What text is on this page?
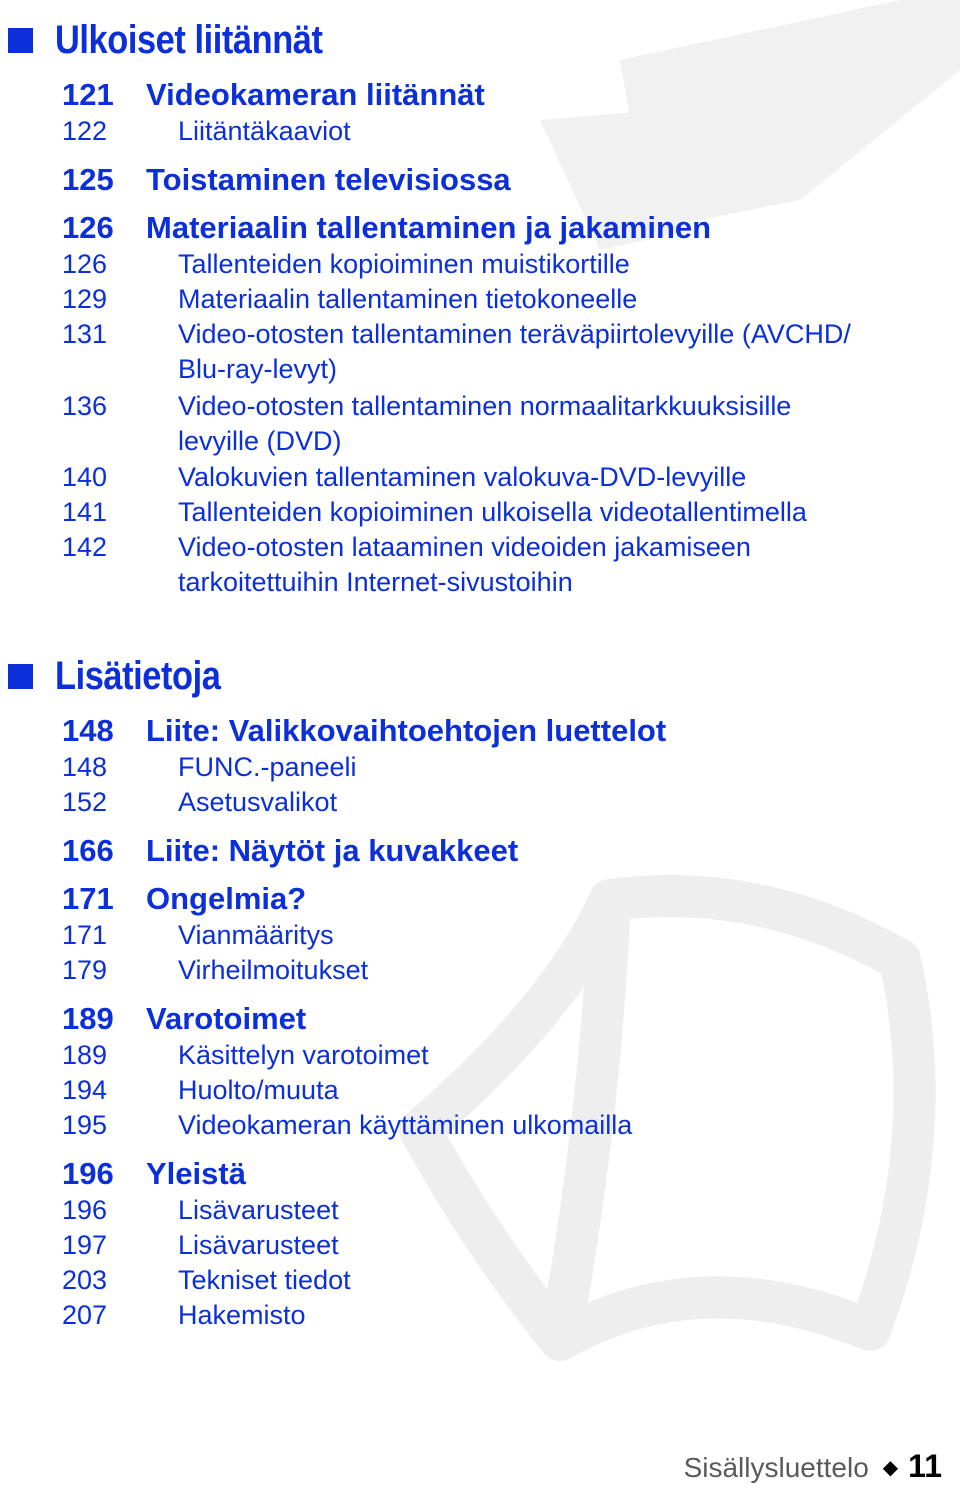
Ulkoiset liitännät
121 Videokameran liitännät
122	Liitäntäkaaviot
125 Toistaminen televisiossa
126 Materiaalin tallentaminen ja jakaminen
126	Tallenteiden kopioiminen muistikortille
129	Materiaalin tallentaminen tietokoneelle
131	Video-otosten tallentaminen teräväpiirtolevyille (AVCHD/
Blu-ray-levyt)
136	Video-otosten tallentaminen normaalitarkkuuksisille
levyille (DVD)
140	Valokuvien tallentaminen valokuva-DVD-levyille
141	Tallenteiden kopioiminen ulkoisella videotallentimella
142	Video-otosten lataaminen videoiden jakamiseen
tarkoitettuihin Internet-sivustoihin
Lisätietoja
148 Liite: Valikkovaihtoehtojen luettelot
148	FUNC.-paneeli
152	Asetusvalikot
166 Liite: Näytöt ja kuvakkeet
171 Ongelmia?
171	Vianmääritys
179	Virheilmoitukset
189 Varotoimet
189	Käsittelyn varotoimet
194	Huolto/muuta
195	Videokameran käyttäminen ulkomailla
196 Yleistä
196	Lisävarusteet
197	Lisävarusteet
203	Tekniset tiedot
207	Hakemisto
Sisällysluettelo ◆ 11
